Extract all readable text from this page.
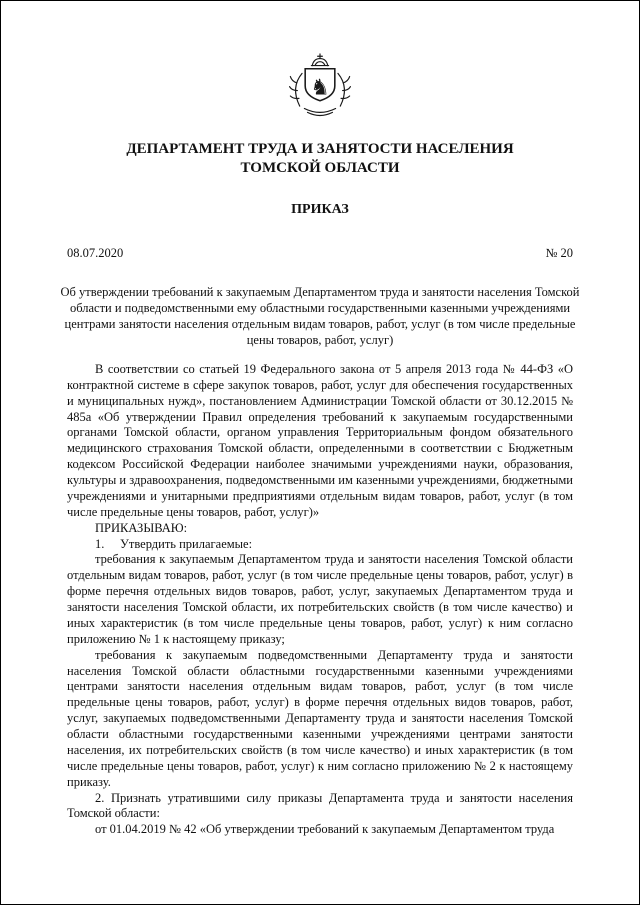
♞
ДЕПАРТАМЕНТ ТРУДА И ЗАНЯТОСТИ НАСЕЛЕНИЯ
ТОМСКОЙ ОБЛАСТИ
ПРИКАЗ
08.07.2020	№ 20
Об утверждении требований к закупаемым Департаментом труда и занятости населения Томской области и подведомственными ему областными государственными казенными учреждениями центрами занятости населения отдельным видам товаров, работ, услуг (в том числе предельные цены товаров, работ, услуг)

В соответствии со статьей 19 Федерального закона от 5 апреля 2013 года № 44-ФЗ «О контрактной системе в сфере закупок товаров, работ, услуг для обеспечения государственных и муниципальных нужд», постановлением Администрации Томской области от 30.12.2015 № 485а «Об утверждении Правил определения требований к закупаемым государственными органами Томской области, органом управления Территориальным фондом обязательного медицинского страхования Томской области, определенными в соответствии с Бюджетным кодексом Российской Федерации наиболее значимыми учреждениями науки, образования, культуры и здравоохранения, подведомственными им казенными учреждениями, бюджетными учреждениями и унитарными предприятиями отдельным видам товаров, работ, услуг (в том числе предельные цены товаров, работ, услуг)»

ПРИКАЗЫВАЮ:

1.     Утвердить прилагаемые:

требования к закупаемым Департаментом труда и занятости населения Томской области отдельным видам товаров, работ, услуг (в том числе предельные цены товаров, работ, услуг) в форме перечня отдельных видов товаров, работ, услуг, закупаемых Департаментом труда и занятости населения Томской области, их потребительских свойств (в том числе качество) и иных характеристик (в том числе предельные цены товаров, работ, услуг) к ним согласно приложению № 1 к настоящему приказу;

требования к закупаемым подведомственными Департаменту труда и занятости населения Томской области областными государственными казенными учреждениями центрами занятости населения отдельным видам товаров, работ, услуг (в том числе предельные цены товаров, работ, услуг) в форме перечня отдельных видов товаров, работ, услуг, закупаемых подведомственными Департаменту труда и занятости населения Томской области областными государственными казенными учреждениями центрами занятости населения, их потребительских свойств (в том числе качество) и иных характеристик (в том числе предельные цены товаров, работ, услуг) к ним согласно приложению № 2 к настоящему приказу.

2. Признать утратившими силу приказы Департамента труда и занятости населения Томской области:

от 01.04.2019 № 42 «Об утверждении требований к закупаемым Департаментом труда
